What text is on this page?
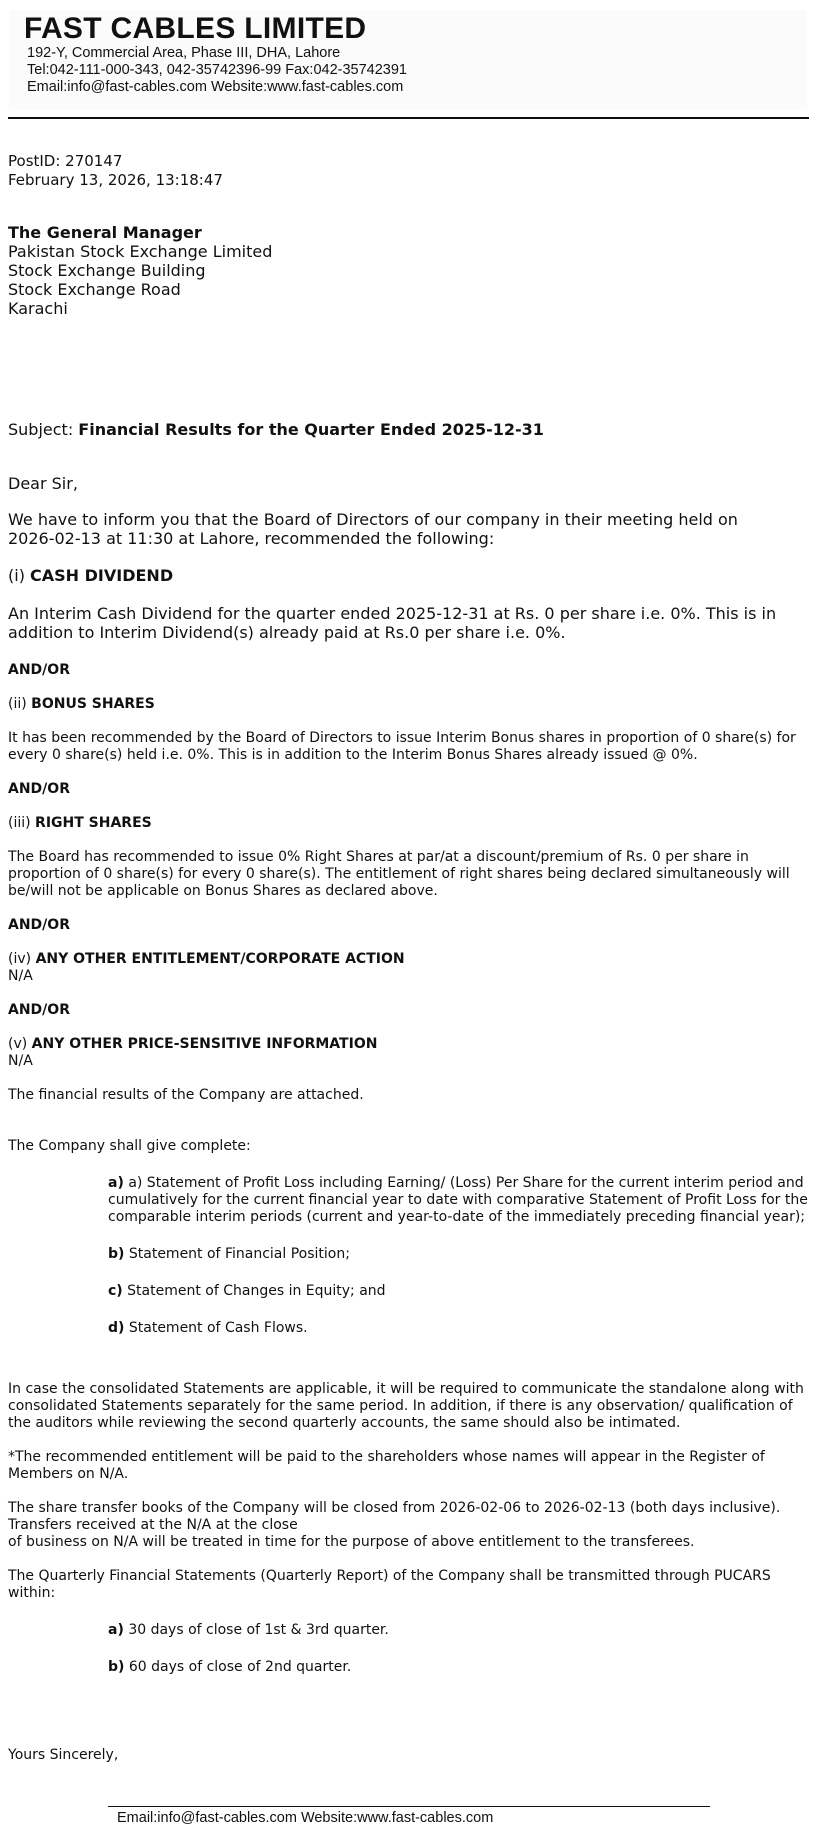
FAST CABLES LIMITED
192-Y, Commercial Area, Phase III, DHA, Lahore
Tel:042-111-000-343, 042-35742396-99 Fax:042-35742391
Email:info@fast-cables.com Website:www.fast-cables.com
PostID: 270147
February 13, 2026, 13:18:47
The General Manager
Pakistan Stock Exchange Limited
Stock Exchange Building
Stock Exchange Road
Karachi
Subject: Financial Results for the Quarter Ended 2025-12-31
Dear Sir,
We have to inform you that the Board of Directors of our company in their meeting held on
2026-02-13 at 11:30 at Lahore, recommended the following:
(i) CASH DIVIDEND
An Interim Cash Dividend for the quarter ended 2025-12-31 at Rs. 0 per share i.e. 0%. This is in
addition to Interim Dividend(s) already paid at Rs.0 per share i.e. 0%.
AND/OR
(ii) BONUS SHARES
It has been recommended by the Board of Directors to issue Interim Bonus shares in proportion of 0 share(s) for
every 0 share(s) held i.e. 0%. This is in addition to the Interim Bonus Shares already issued @ 0%.
AND/OR
(iii) RIGHT SHARES
The Board has recommended to issue 0% Right Shares at par/at a discount/premium of Rs. 0 per share in
proportion of 0 share(s) for every 0 share(s). The entitlement of right shares being declared simultaneously will
be/will not be applicable on Bonus Shares as declared above.
AND/OR
(iv) ANY OTHER ENTITLEMENT/CORPORATE ACTION
N/A
AND/OR
(v) ANY OTHER PRICE-SENSITIVE INFORMATION
N/A
The financial results of the Company are attached.
The Company shall give complete:
a) a) Statement of Profit Loss including Earning/ (Loss) Per Share for the current interim period and
cumulatively for the current financial year to date with comparative Statement of Profit Loss for the
comparable interim periods (current and year-to-date of the immediately preceding financial year);
b) Statement of Financial Position;
c) Statement of Changes in Equity; and
d) Statement of Cash Flows.
In case the consolidated Statements are applicable, it will be required to communicate the standalone along with
consolidated Statements separately for the same period. In addition, if there is any observation/ qualification of
the auditors while reviewing the second quarterly accounts, the same should also be intimated.
*The recommended entitlement will be paid to the shareholders whose names will appear in the Register of
Members on N/A.
The share transfer books of the Company will be closed from 2026-02-06 to 2026-02-13 (both days inclusive).
Transfers received at the N/A at the close
of business on N/A will be treated in time for the purpose of above entitlement to the transferees.
The Quarterly Financial Statements (Quarterly Report) of the Company shall be transmitted through PUCARS
within:
a) 30 days of close of 1st & 3rd quarter.
b) 60 days of close of 2nd quarter.
Yours Sincerely,
Email:info@fast-cables.com Website:www.fast-cables.com
